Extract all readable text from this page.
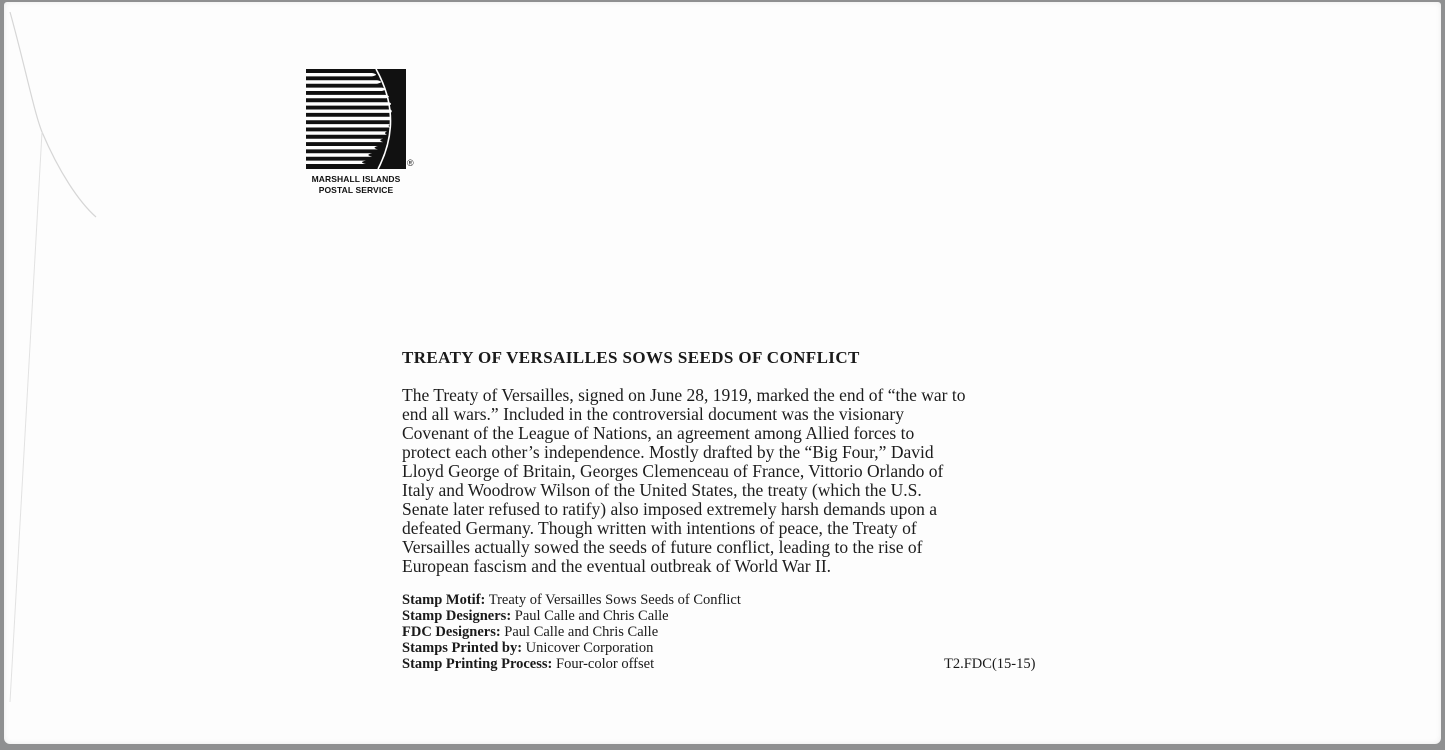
®
MARSHALL ISLANDS
POSTAL SERVICE
TREATY OF VERSAILLES SOWS SEEDS OF CONFLICT
The Treaty of Versailles, signed on June 28, 1919, marked the end of “the war to
end all wars.” Included in the controversial document was the visionary
Covenant of the League of Nations, an agreement among Allied forces to
protect each other’s independence. Mostly drafted by the “Big Four,” David
Lloyd George of Britain, Georges Clemenceau of France, Vittorio Orlando of
Italy and Woodrow Wilson of the United States, the treaty (which the U.S.
Senate later refused to ratify) also imposed extremely harsh demands upon a
defeated Germany. Though written with intentions of peace, the Treaty of
Versailles actually sowed the seeds of future conflict, leading to the rise of
European fascism and the eventual outbreak of World War II.
Stamp Motif: Treaty of Versailles Sows Seeds of Conflict
Stamp Designers: Paul Calle and Chris Calle
FDC Designers: Paul Calle and Chris Calle
Stamps Printed by: Unicover Corporation
Stamp Printing Process: Four-color offset	T2.FDC(15-15)
